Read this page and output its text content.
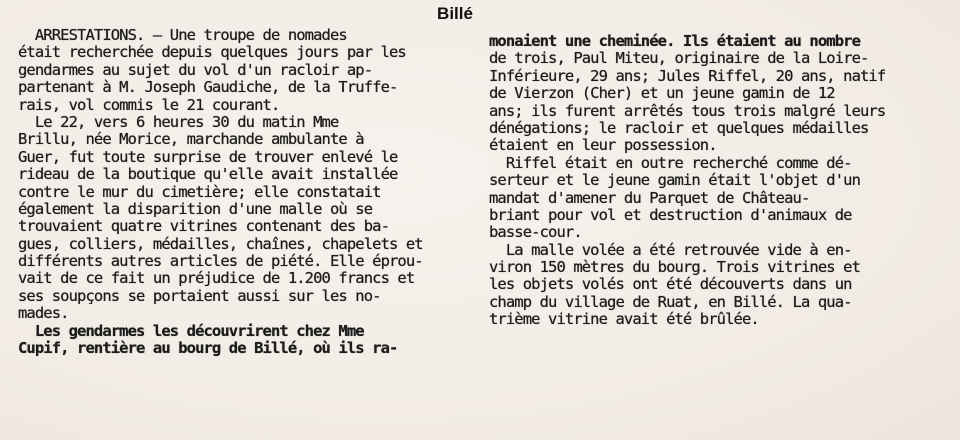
Billé
ARRESTATIONS. — Une troupe de nomades
était recherchée depuis quelques jours par les
gendarmes au sujet du vol d'un racloir ap-
partenant à M. Joseph Gaudiche, de la Truffe-
rais, vol commis le 21 courant.
Le 22, vers 6 heures 30 du matin Mme
Brillu, née Morice, marchande ambulante à
Guer, fut toute surprise de trouver enlevé le
rideau de la boutique qu'elle avait installée
contre le mur du cimetière; elle constatait
également la disparition d'une malle où se
trouvaient quatre vitrines contenant des ba-
gues, colliers, médailles, chaînes, chapelets et
différents autres articles de piété. Elle éprou-
vait de ce fait un préjudice de 1.200 francs et
ses soupçons se portaient aussi sur les no-
mades.
Les gendarmes les découvrirent chez Mme
Cupif, rentière au bourg de Billé, où ils ra-
monaient une cheminée. Ils étaient au nombre
de trois, Paul Miteu, originaire de la Loire-
Inférieure, 29 ans; Jules Riffel, 20 ans, natif
de Vierzon (Cher) et un jeune gamin de 12
ans; ils furent arrêtés tous trois malgré leurs
dénégations; le racloir et quelques médailles
étaient en leur possession.
Riffel était en outre recherché comme dé-
serteur et le jeune gamin était l'objet d'un
mandat d'amener du Parquet de Château-
briant pour vol et destruction d'animaux de
basse-cour.
La malle volée a été retrouvée vide à en-
viron 150 mètres du bourg. Trois vitrines et
les objets volés ont été découverts dans un
champ du village de Ruat, en Billé. La qua-
trième vitrine avait été brûlée.
